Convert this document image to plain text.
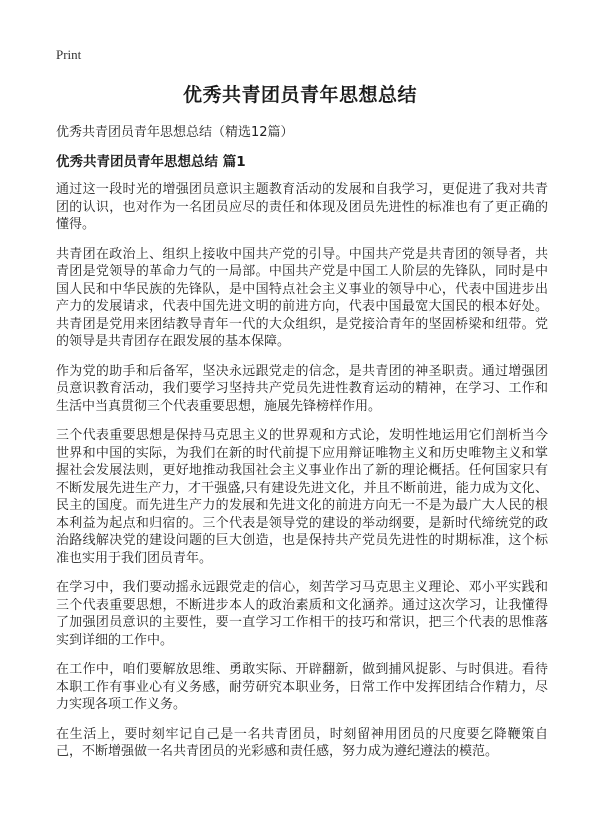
Print
优秀共青团员青年思想总结
优秀共青团员青年思想总结（精选12篇）
优秀共青团员青年思想总结 篇1

通过这一段时光的增强团员意识主题教育活动的发展和自我学习，更促进了我对共青团的认识，也对作为一名团员应尽的责任和体现及团员先进性的标准也有了更正确的懂得。

共青团在政治上、组织上接收中国共产党的引导。中国共产党是共青团的领导者，共青团是党领导的革命力气的一局部。中国共产党是中国工人阶层的先锋队，同时是中国人民和中华民族的先锋队，是中国特点社会主义事业的领导中心，代表中国进步出产力的发展请求，代表中国先进文明的前进方向，代表中国最宽大国民的根本好处。共青团是党用来团结教导青年一代的大众组织，是党接洽青年的坚固桥梁和纽带。党的领导是共青团存在跟发展的基本保障。

作为党的助手和后备军，坚决永远跟党走的信念，是共青团的神圣职责。通过增强团员意识教育活动，我们要学习坚持共产党员先进性教育运动的精神，在学习、工作和生活中当真贯彻三个代表重要思想，施展先锋榜样作用。

三个代表重要思想是保持马克思主义的世界观和方式论，发明性地运用它们剖析当今世界和中国的实际，为我们在新的时代前提下应用辩证唯物主义和历史唯物主义和掌握社会发展法则，更好地推动我国社会主义事业作出了新的理论概括。任何国家只有不断发展先进生产力，才干强盛,只有建设先进文化，并且不断前进，能力成为文化、民主的国度。而先进生产力的发展和先进文化的前进方向无一不是为最广大人民的根本利益为起点和归宿的。三个代表是领导党的建设的举动纲要，是新时代缔统党的政治路线解决党的建设问题的巨大创造，也是保持共产党员先进性的时期标准，这个标准也实用于我们团员青年。

在学习中，我们要动摇永远跟党走的信心，刻苦学习马克思主义理论、邓小平实践和三个代表重要思想，不断进步本人的政治素质和文化涵养。通过这次学习，让我懂得了加强团员意识的主要性，要一直学习工作相干的技巧和常识，把三个代表的思惟落实到详细的工作中。

在工作中，咱们要解放思维、勇敢实际、开辟翻新，做到捕风捉影、与时俱进。看待本职工作有事业心有义务感，耐劳研究本职业务，日常工作中发挥团结合作精力，尽力实现各项工作义务。

在生活上，要时刻牢记自己是一名共青团员，时刻留神用团员的尺度要乞降鞭策自己，不断增强做一名共青团员的光彩感和责任感，努力成为遵纪遵法的模范。
